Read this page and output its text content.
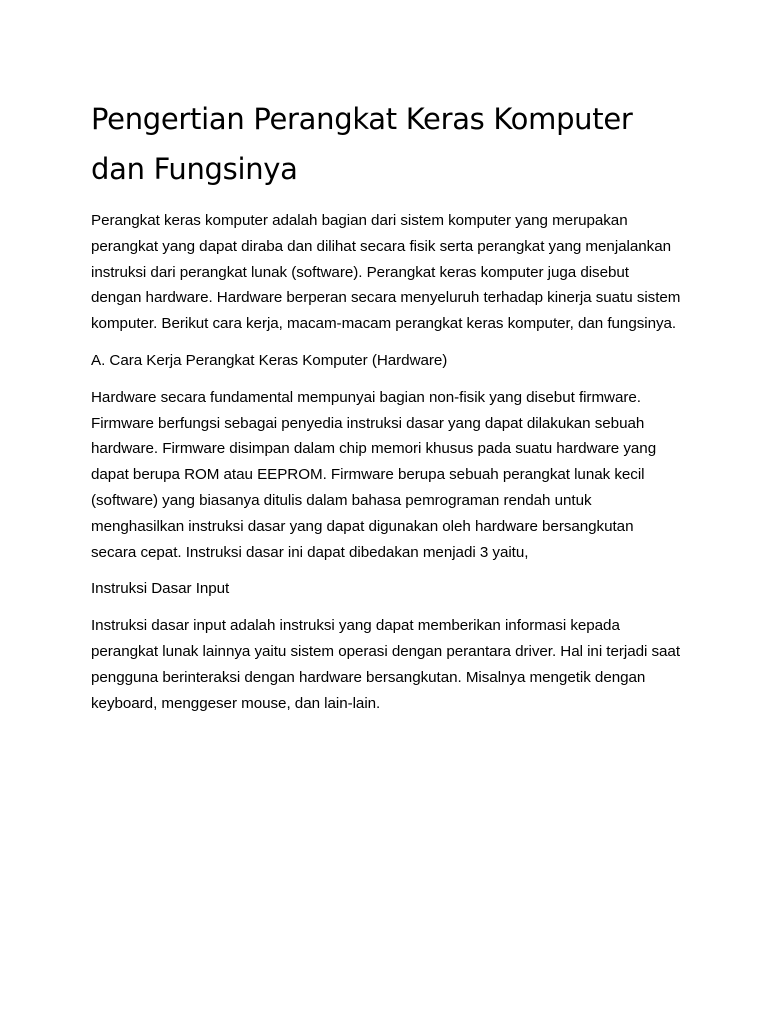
Pengertian Perangkat Keras Komputer dan Fungsinya

Perangkat keras komputer adalah bagian dari sistem komputer yang merupakan perangkat yang dapat diraba dan dilihat secara fisik serta perangkat yang menjalankan instruksi dari perangkat lunak (software). Perangkat keras komputer juga disebut dengan hardware. Hardware berperan secara menyeluruh terhadap kinerja suatu sistem komputer. Berikut cara kerja, macam-macam perangkat keras komputer, dan fungsinya.

A. Cara Kerja Perangkat Keras Komputer (Hardware)

Hardware secara fundamental mempunyai bagian non-fisik yang disebut firmware. Firmware berfungsi sebagai penyedia instruksi dasar yang dapat dilakukan sebuah hardware. Firmware disimpan dalam chip memori khusus pada suatu hardware yang dapat berupa ROM atau EEPROM. Firmware berupa sebuah perangkat lunak kecil (software) yang biasanya ditulis dalam bahasa pemrograman rendah untuk menghasilkan instruksi dasar yang dapat digunakan oleh hardware bersangkutan secara cepat. Instruksi dasar ini dapat dibedakan menjadi 3 yaitu,

Instruksi Dasar Input

Instruksi dasar input adalah instruksi yang dapat memberikan informasi kepada perangkat lunak lainnya yaitu sistem operasi dengan perantara driver. Hal ini terjadi saat pengguna berinteraksi dengan hardware bersangkutan. Misalnya mengetik dengan keyboard, menggeser mouse, dan lain-lain.
